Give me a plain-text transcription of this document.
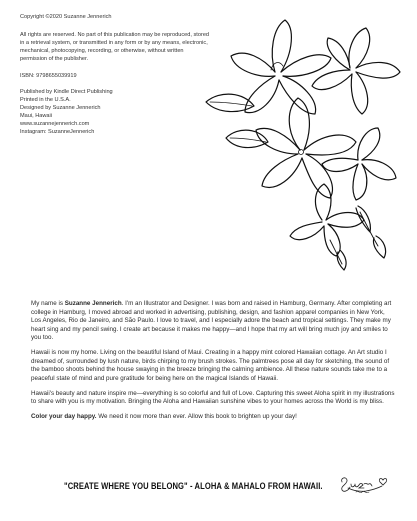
Copyright ©2020 Suzanne Jennerich

All rights are reserved. No part of this publication may be reproduced, stored in a retrieval system, or transmitted in any form or by any means, electronic, mechanical, photocopying, recording, or otherwise, without written permission of the publisher.

ISBN: 9798655039919

Published by Kindle Direct Publishing
Printed in the U.S.A.
Designed by Suzanne Jennerich
Maui, Hawaii
www.suzannejennerich.com
Instagram: SuzanneJennerich

My name is Suzanne Jennerich. I'm an Illustrator and Designer. I was born and raised in Hamburg, Germany. After completing art college in Hamburg, I moved abroad and worked in advertising, publishing, design, and fashion apparel companies in New York, Los Angeles, Rio de Janeiro, and São Paulo. I love to travel, and I especially adore the beach and tropical settings. They make my heart sing and my pencil swing. I create art because it makes me happy—and I hope that my art will bring much joy and smiles to you too.

Hawaii is now my home. Living on the beautiful Island of Maui. Creating in a happy mint colored Hawaiian cottage. An Art studio I dreamed of, surrounded by lush nature, birds chirping to my brush strokes. The palmtrees pose all day for sketching, the sound of the bamboo shoots behind the house swaying in the breeze bringing the calming ambience. All these nature sounds take me to a peaceful state of mind and pure gratitude for being here on the magical Islands of Hawaii.

Hawaii's beauty and nature inspire me—everything is so colorful and full of Love. Capturing this sweet Aloha spirit in my illustrations to share with you is my motivation. Bringing the Aloha and Hawaiian sunshine vibes to your homes across the World is my bliss.

Color your day happy. We need it now more than ever. Allow this book to brighten up your day!

"CREATE WHERE YOU BELONG" - ALOHA & MAHALO FROM HAWAII.
